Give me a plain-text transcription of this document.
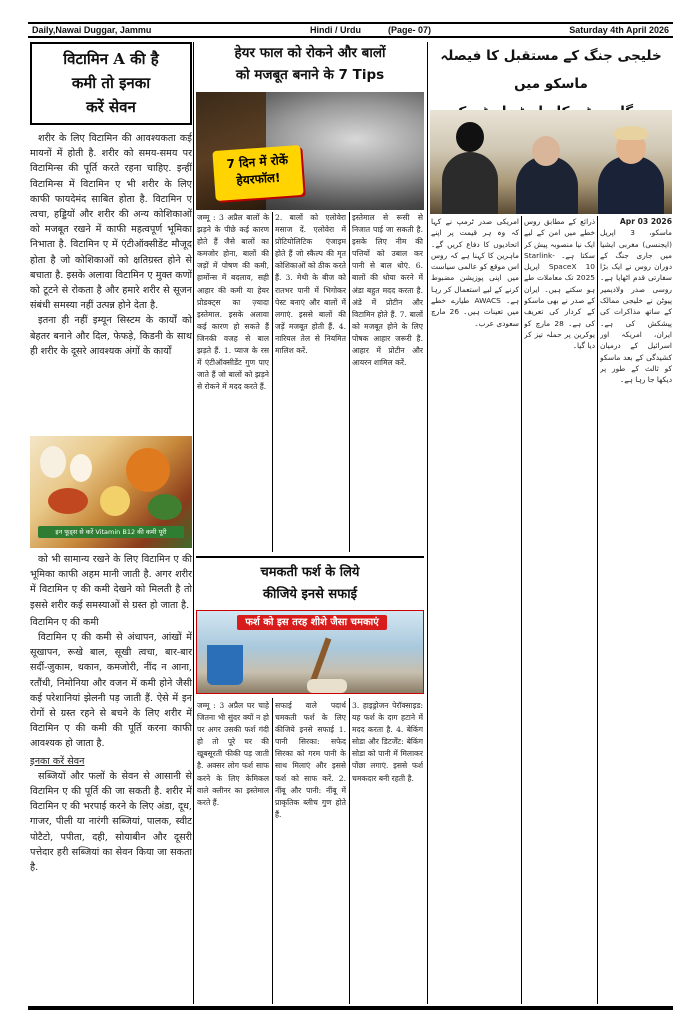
Daily,Nawai Duggar, Jammu	Hindi / Urdu	(Page- 07)	Saturday 4th April 2026
विटामिन A की है
कमी तो इनका
करें सेवन

शरीर के लिए विटामिन की आवश्यकता कई मायनों में होती है. शरीर को समय-समय पर विटामिन्स की पूर्ति करते रहना चाहिए. इन्हीं विटामिन्स में विटामिन ए भी शरीर के लिए काफी फायदेमंद साबित होता है. विटामिन ए त्वचा, हड्डियों और शरीर की अन्य कोशिकाओं को मजबूत रखने में काफी महत्वपूर्ण भूमिका निभाता है. विटामिन ए में एंटीऑक्सीडेंट मौजूद होता है जो कोशिकाओं को क्षतिग्रस्त होने से बचाता है. इसके अलावा विटामिन ए मुक्त कणों को टूटने से रोकता है और हमारे शरीर से सूजन संबंधी समस्या नहीं उत्पन्न होने देता है.

इतना ही नहीं इम्यून सिस्टम के कार्यों को बेहतर बनाने और दिल, फेफड़े, किडनी के साथ ही शरीर के दूसरे आवश्यक अंगों के कार्यों

इन फूड्स से करें Vitamin B12 की कमी पूरी

को भी सामान्य रखने के लिए विटामिन ए की भूमिका काफी अहम मानी जाती है. अगर शरीर में विटामिन ए की कमी देखने को मिलती है तो इससे शरीर कई समस्याओं से ग्रस्त हो जाता है.

विटामिन ए की कमी

विटामिन ए की कमी से अंधापन, आंखों में सूखापन, रूखे बाल, सूखी त्वचा, बार-बार सर्दी-जुकाम, थकान, कमजोरी, नींद न आना, रतौंधी, निमोनिया और वजन में कमी होने जैसी कई परेशानियां झेलनी पड़ जाती हैं. ऐसे में इन रोगों से ग्रस्त रहने से बचने के लिए शरीर में विटामिन ए की कमी की पूर्ति करना काफी आवश्यक हो जाता है.

इनका करें सेवन

सब्जियों और फलों के सेवन से आसानी से विटामिन ए की पूर्ति की जा सकती है. शरीर में विटामिन ए की भरपाई करने के लिए अंडा, दूध, गाजर, पीली या नारंगी सब्जियां, पालक, स्वीट पोटैटो, पपीता, दही, सोयाबीन और दूसरी पत्तेदार हरी सब्जियां का सेवन किया जा सकता है.

हेयर फाल को रोकने और बालों
को मजबूत बनाने के 7 Tips
7 दिन में रोकें
हेयरफॉल!
जम्मू : 3 अप्रैल बालों के झड़ने के पीछे कई कारण होते हैं जैसे बालों का कमजोर होना, बालों की जड़ों में पोषण की कमी, हार्मोन्स में बदलाव, सही आहार की कमी या हेयर प्रोडक्ट्स का ज़्यादा इस्तेमाल. इसके अलावा कई कारण हो सकते हैं जिनकी वजह से बाल झड़ते हैं. 1. प्याज के रस में एंटीऑक्सीडेंट गुण पाए जाते हैं जो बालों को झड़ने से रोकने में मदद करते हैं.
2. बालों को एलोवेरा मसाज दें. एलोवेरा में प्रोटियोलिटिक एंजाइम होते हैं जो स्कैल्प की मृत कोशिकाओं को ठीक करते हैं. 3. मेथी के बीज को रातभर पानी में भिगोकर पेस्ट बनाएं और बालों में लगाएं. इससे बालों की जड़ें मजबूत होती हैं. 4. नारियल तेल से नियमित मालिश करें.
इस्तेमाल से रूसी से निजात पाई जा सकती है. इसके लिए नीम की पत्तियों को उबाल कर पानी से बाल धोएं. 6. बालों की धोया करने में अंडा बहुत मदद करता है. अंडे में प्रोटीन और विटामिन होते हैं. 7. बालों को मजबूत होने के लिए पोषक आहार जरूरी है. आहार में प्रोटीन और आयरन शामिल करें.
चमकती फर्श के लिये
कीजिये इनसे सफाई
फर्श को इस तरह शीशे जैसा चमकाएं
जम्मू : 3 अप्रैल घर चाहे जितना भी सुंदर क्यों न हो पर अगर उसकी फर्श गंदी हो तो पूरे घर की खूबसूरती फीकी पड़ जाती है. अक्सर लोग फर्श साफ करने के लिए केमिकल वाले क्लीनर का इस्तेमाल करते हैं.
सफाई वाले पदार्थ चमकती फर्श के लिए कीजिये इनसे सफाई 1. पानी सिरका: सफेद सिरका को गरम पानी के साथ मिलाएं और इससे फर्श को साफ करें. 2. नींबू और पानी: नींबू में प्राकृतिक ब्लीच गुण होते हैं.
3. हाइड्रोजन पेरॉक्साइड: यह फर्श के दाग हटाने में मदद करता है. 4. बेकिंग सोडा और डिटर्जेंट: बेकिंग सोडा को पानी में मिलाकर पोंछा लगाएं. इससे फर्श चमकदार बनी रहती है.
خلیجی جنگ کے مستقبل کا فیصلہ ماسکو میں
2026 Apr 03
ماسکو، 3 اپریل (ایجنسی) مغربی ایشیا میں جاری جنگ کے دوران روس نے ایک بڑا سفارتی قدم اٹھایا ہے۔ روسی صدر ولادیمیر پیوٹن نے خلیجی ممالک کے ساتھ مذاکرات کی پیشکش کی ہے۔ ایران، امریکہ اور اسرائیل کے درمیان کشیدگی کے بعد ماسکو کو ثالث کے طور پر دیکھا جا رہا ہے۔
ذرائع کے مطابق روس خطے میں امن کے لیے ایک نیا منصوبہ پیش کر سکتا ہے۔ Starlink-SpaceX 10 اپریل 2025 تک معاملات طے ہو سکتے ہیں۔ ایران کے صدر نے بھی ماسکو کے کردار کی تعریف کی ہے۔ 28 مارچ کو یوکرین پر حملہ تیز کر دیا گیا۔
امریکی صدر ٹرمپ نے کہا کہ وہ ہر قیمت پر اپنے اتحادیوں کا دفاع کریں گے۔ ماہرین کا کہنا ہے کہ روس اس موقع کو عالمی سیاست میں اپنی پوزیشن مضبوط کرنے کے لیے استعمال کر رہا ہے۔ AWACS طیارے خطے میں تعینات ہیں۔ 26 مارچ سعودی عرب۔
